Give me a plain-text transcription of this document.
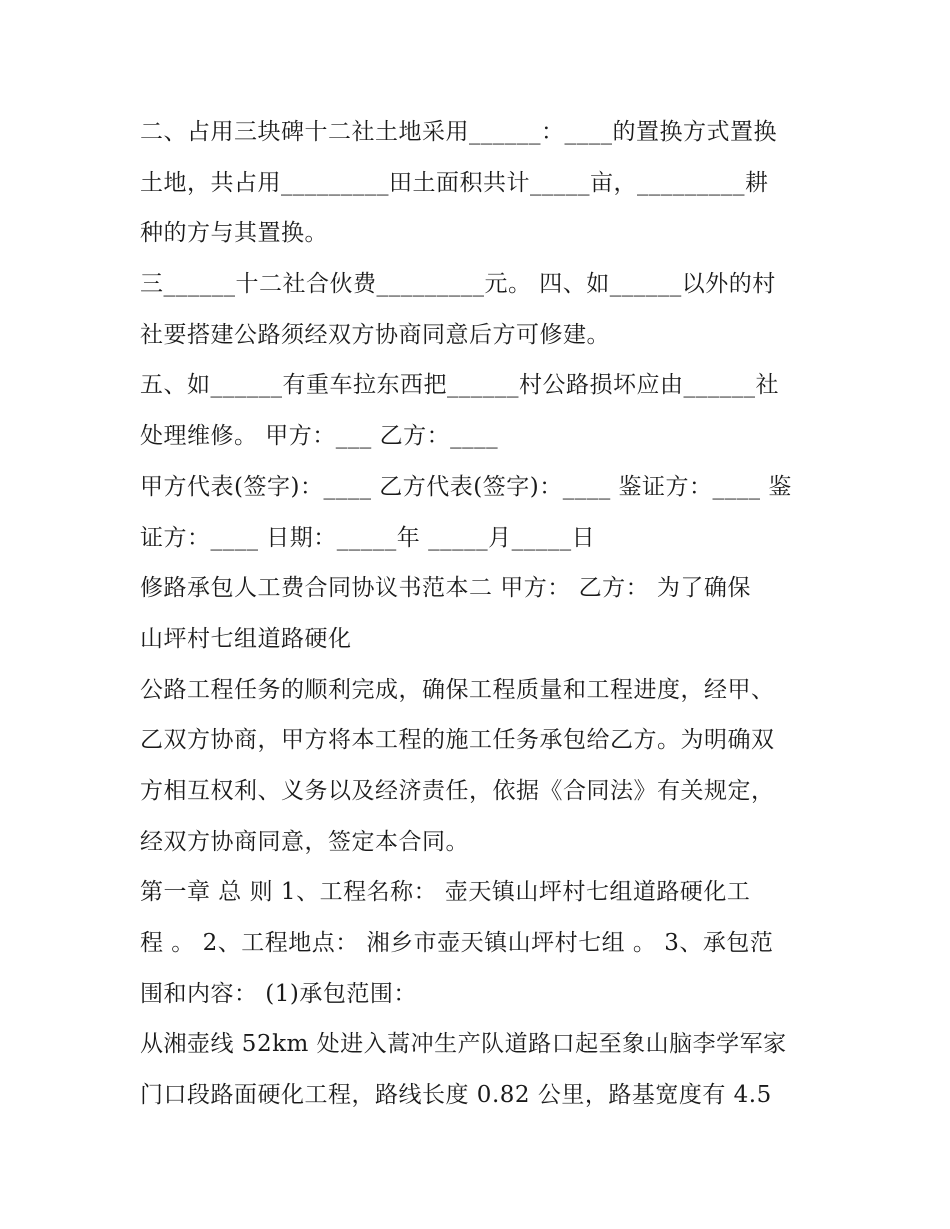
二、占用三块碑十二社土地采用______：____的置换方式置换
土地，共占用_________田土面积共计_____亩，_________耕
种的方与其置换。
三______十二社合伙费_________元。 四、如______以外的村
社要搭建公路须经双方协商同意后方可修建。
五、如______有重车拉东西把______村公路损坏应由______社
处理维修。 甲方：___ 乙方：____
甲方代表(签字)：____ 乙方代表(签字)：____ 鉴证方：____ 鉴
证方：____ 日期：_____年 _____月_____日
修路承包人工费合同协议书范本二 甲方： 乙方： 为了确保
山坪村七组道路硬化
公路工程任务的顺利完成，确保工程质量和工程进度，经甲、
乙双方协商，甲方将本工程的施工任务承包给乙方。为明确双
方相互权利、义务以及经济责任，依据《合同法》有关规定，
经双方协商同意，签定本合同。
第一章 总 则 1、工程名称： 壶天镇山坪村七组道路硬化工
程 。 2、工程地点： 湘乡市壶天镇山坪村七组 。 3、承包范
围和内容： (1)承包范围：
从湘壶线 52km 处进入蒿冲生产队道路口起至象山脑李学军家
门口段路面硬化工程，路线长度 0.82 公里，路基宽度有 4.5
